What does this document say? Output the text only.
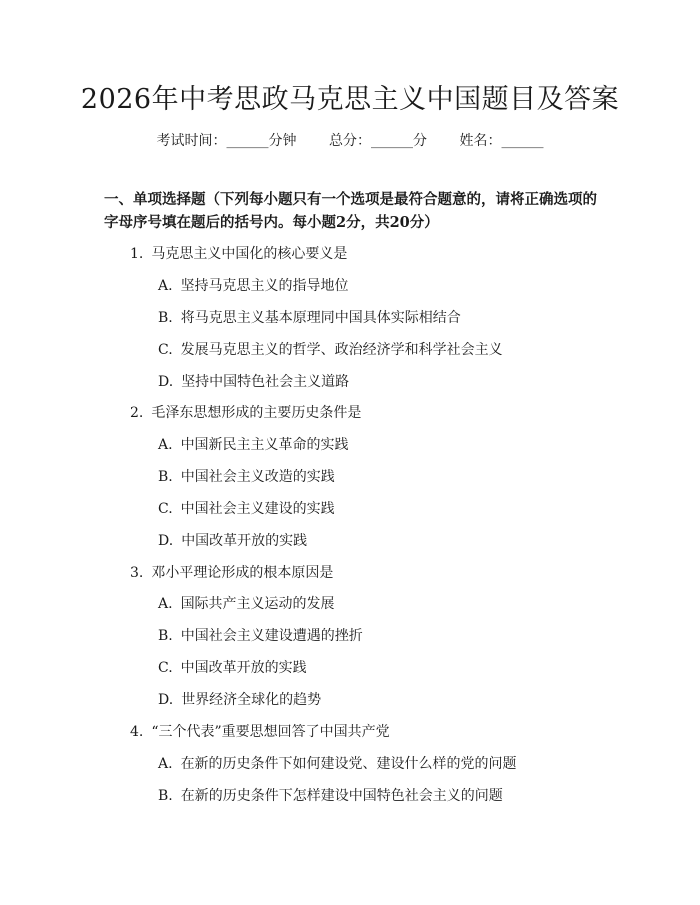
2026年中考思政马克思主义中国题目及答案
考试时间：______分钟 总分：______分 姓名：______

一、单项选择题（下列每小题只有一个选项是最符合题意的，请将正确选项的字母序号填在题后的括号内。每小题2分，共20分）

1. 马克思主义中国化的核心要义是
A. 坚持马克思主义的指导地位
B. 将马克思主义基本原理同中国具体实际相结合
C. 发展马克思主义的哲学、政治经济学和科学社会主义
D. 坚持中国特色社会主义道路
2. 毛泽东思想形成的主要历史条件是
A. 中国新民主主义革命的实践
B. 中国社会主义改造的实践
C. 中国社会主义建设的实践
D. 中国改革开放的实践
3. 邓小平理论形成的根本原因是
A. 国际共产主义运动的发展
B. 中国社会主义建设遭遇的挫折
C. 中国改革开放的实践
D. 世界经济全球化的趋势
4. “三个代表”重要思想回答了中国共产党
A. 在新的历史条件下如何建设党、建设什么样的党的问题
B. 在新的历史条件下怎样建设中国特色社会主义的问题
